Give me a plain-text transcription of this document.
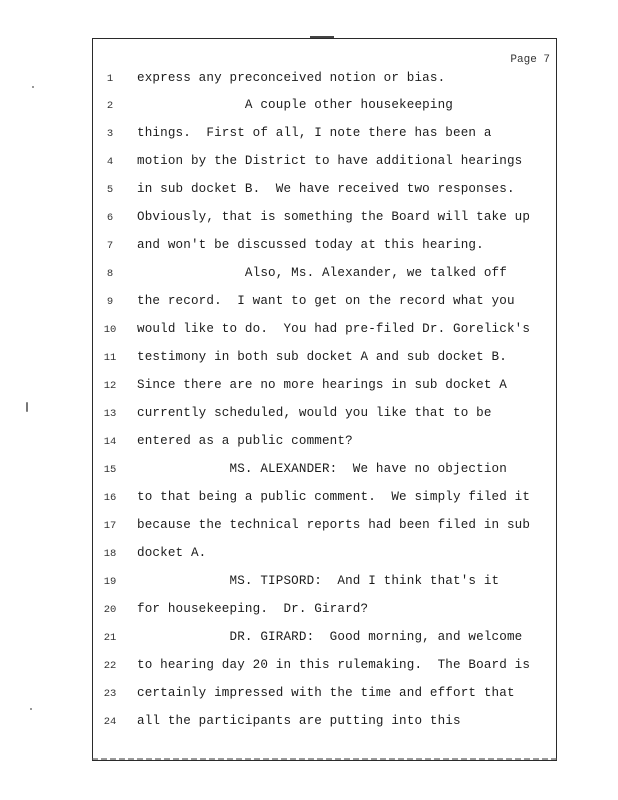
Page 7
1	express any preconceived notion or bias.
2	A couple other housekeeping
3	things.  First of all, I note there has been a
4	motion by the District to have additional hearings
5	in sub docket B.  We have received two responses.
6	Obviously, that is something the Board will take up
7	and won't be discussed today at this hearing.
8	Also, Ms. Alexander, we talked off
9	the record.  I want to get on the record what you
10	would like to do.  You had pre-filed Dr. Gorelick's
11	testimony in both sub docket A and sub docket B.
12	Since there are no more hearings in sub docket A
13	currently scheduled, would you like that to be
14	entered as a public comment?
15	MS. ALEXANDER:  We have no objection
16	to that being a public comment.  We simply filed it
17	because the technical reports had been filed in sub
18	docket A.
19	MS. TIPSORD:  And I think that's it
20	for housekeeping.  Dr. Girard?
21	DR. GIRARD:  Good morning, and welcome
22	to hearing day 20 in this rulemaking.  The Board is
23	certainly impressed with the time and effort that
24	all the participants are putting into this
